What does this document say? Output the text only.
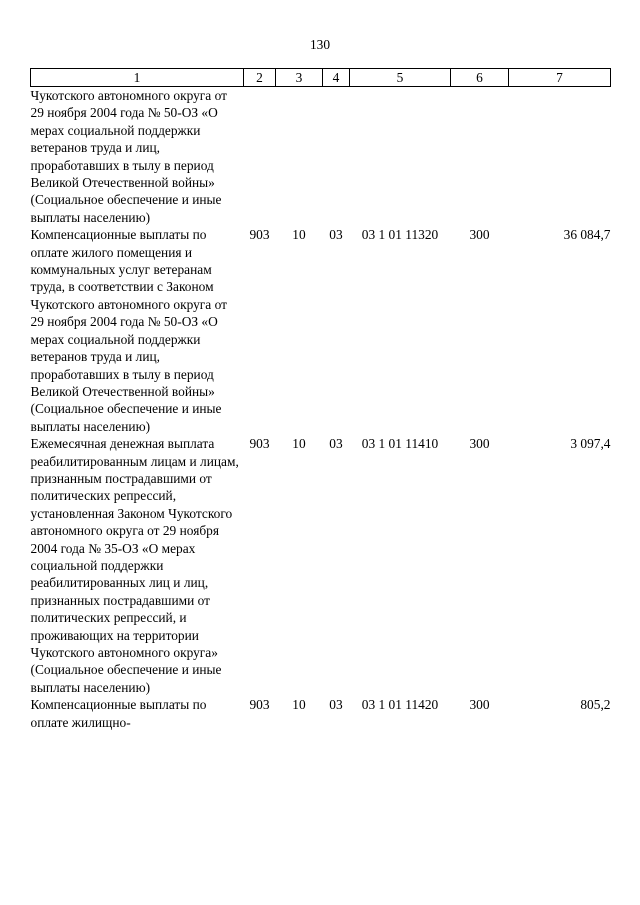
130
1	2	3	4	5	6	7
Чукотского автономного округа от 29 ноября 2004 года № 50-ОЗ «О мерах социальной поддержки ветеранов труда и лиц, проработавших в тылу в период Великой Отечественной войны» (Социальное обеспечение и иные выплаты населению)						
Компенсационные выплаты по оплате жилого помещения и коммунальных услуг ветеранам труда, в соответствии с Законом Чукотского автономного округа от 29 ноября 2004 года № 50-ОЗ «О мерах социальной поддержки ветеранов труда и лиц, проработавших в тылу в период Великой Отечественной войны» (Социальное обеспечение и иные выплаты населению)	903	10	03	03 1 01 11320	300	36 084,7
Ежемесячная денежная выплата реабилитированным лицам и лицам, признанным пострадавшими от политических репрессий, установленная Законом Чукотского автономного округа от 29 ноября 2004 года № 35-ОЗ «О мерах социальной поддержки реабилитированных лиц и лиц, признанных пострадавшими от политических репрессий, и проживающих на территории Чукотского автономного округа» (Социальное обеспечение и иные выплаты населению)	903	10	03	03 1 01 11410	300	3 097,4
Компенсационные выплаты по оплате жилищно-	903	10	03	03 1 01 11420	300	805,2
